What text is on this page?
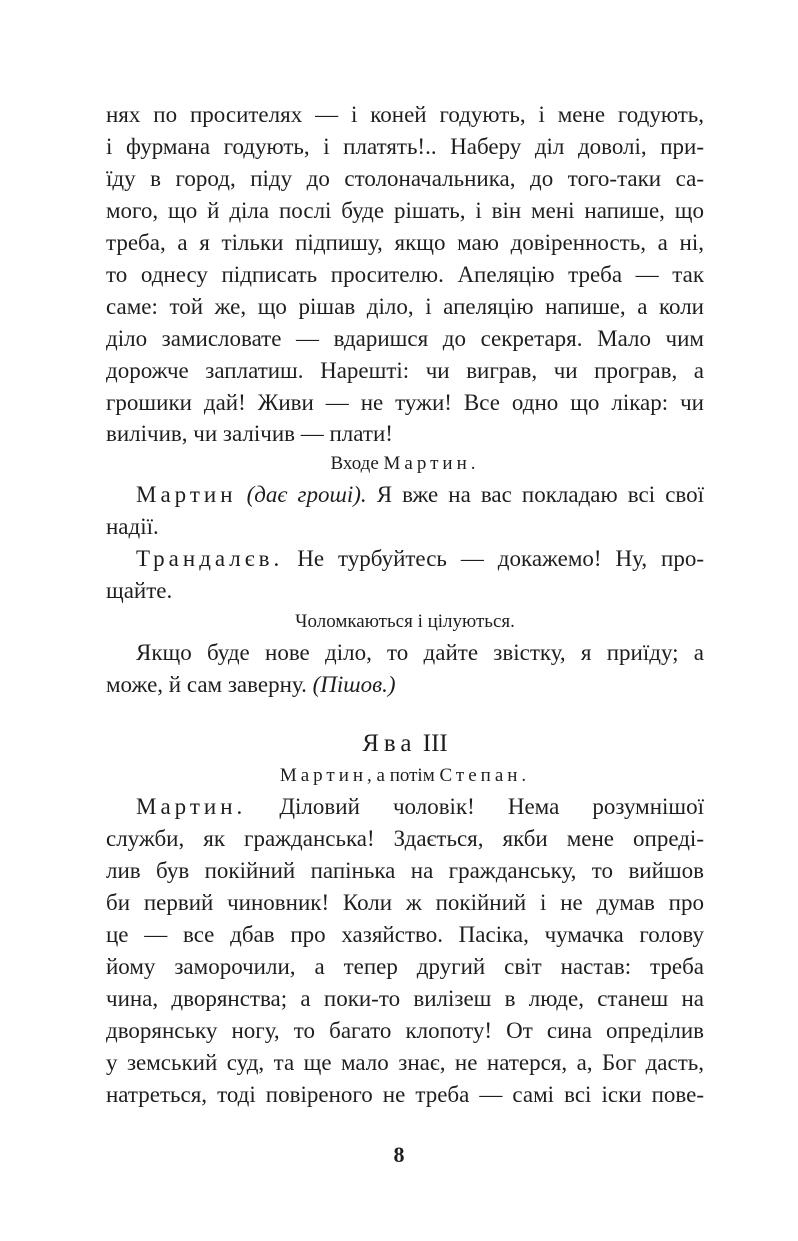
нях по просителях — і коней годують, і мене годують,
і фурмана годують, і платять!.. Наберу діл доволі, при-
їду в город, піду до столоначальника, до того-таки са-
мого, що й діла послі буде рішать, і він мені напише, що
треба, а я тільки підпишу, якщо маю довіренность, а ні,
то однесу підписать просителю. Апеляцію треба — так
саме: той же, що рішав діло, і апеляцію напише, а коли
діло замисловате — вдаришся до секретаря. Мало чим
дорожче заплатиш. Нарешті: чи виграв, чи програв, а
грошики дай! Живи — не тужи! Все одно що лікар: чи
вилічив, чи залічив — плати!
Входе Мартин.
Мартин (дає гроші). Я вже на вас покладаю всі свої
надії.
Трандалєв. Не турбуйтесь — докажемо! Ну, про-
щайте.
Чоломкаються і цілуються.
Якщо буде нове діло, то дайте звістку, я приїду; а
може, й сам заверну. (Пішов.)
Ява III
Мартин, а потім Степан.
Мартин. Діловий чоловік! Нема розумнішої
служби, як гражданська! Здається, якби мене опреді-
лив був покійний папінька на гражданську, то вийшов
би первий чиновник! Коли ж покійний і не думав про
це — все дбав про хазяйство. Пасіка, чумачка голову
йому заморочили, а тепер другий світ настав: треба
чина, дворянства; а поки-то вилізеш в люде, станеш на
дворянську ногу, то багато клопоту! От сина опреділив
у земський суд, та ще мало знає, не натерся, а, Бог дасть,
натреться, тоді повіреного не треба — самі всі іски пове-
8
